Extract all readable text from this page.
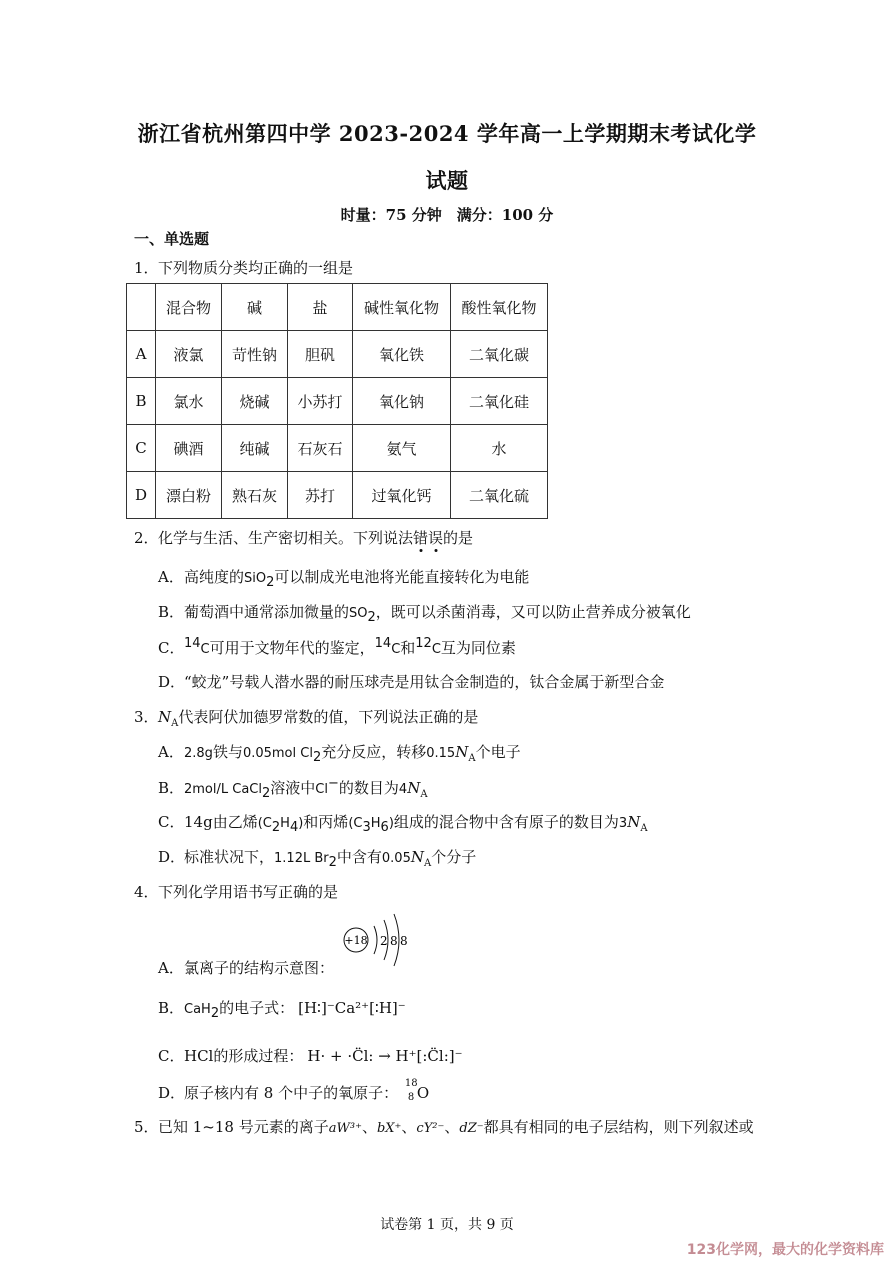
浙江省杭州第四中学 2023-2024 学年高一上学期期末考试化学
试题
时量：75 分钟　满分：100 分
一、单选题
1． 下列物质分类均正确的一组是
	混合物	碱	盐	碱性氧化物	酸性氧化物
A	液氯	苛性钠	胆矾	氧化铁	二氧化碳
B	氯水	烧碱	小苏打	氧化钠	二氧化硅
C	碘酒	纯碱	石灰石	氨气	水
D	漂白粉	熟石灰	苏打	过氧化钙	二氧化硫
2． 化学与生活、生产密切相关。下列说法错误的是
A．高纯度的SiO$_2$可以制成光电池将光能直接转化为电能
B．葡萄酒中通常添加微量的$SO_2$，既可以杀菌消毒，又可以防止营养成分被氧化
C．$^{14}$C可用于文物年代的鉴定，$^{14}$C和$^{12}$C互为同位素
D．“蛟龙”号载人潜水器的耐压球壳是用钛合金制造的，钛合金属于新型合金
3． $N_A$代表阿伏加德罗常数的值，下列说法正确的是
A．2.8g铁与0.05mol $Cl_2$充分反应，转移$0.15N_A$个电子
B．2mol/L CaCl$_2$溶液中Cl−的数目为$4N_A$
C．14g由乙烯$(C_2H_4)$和丙烯$(C_3H_6)$组成的混合物中含有原子的数目为$3N_A$
D．标准状况下，1.12L $Br_2$中含有$0.05N_A$个分子
4． 下列化学用语书写正确的是
A．氯离子的结构示意图：
+18 2 8 8
B．CaH$_2$的电子式： [H∶]⁻Ca²⁺[∶H]⁻
C．HCl的形成过程： H· + ·C̈l: → H⁺[:C̈l:]⁻
D．原子核内有 8 个中子的氧原子：
18
8 O
5． 已知 1~18 号元素的离子aW³⁺、bX⁺、cY²⁻、dZ⁻都具有相同的电子层结构，则下列叙述或
试卷第 1 页，共 9 页
123化学网，最大的化学资料库
